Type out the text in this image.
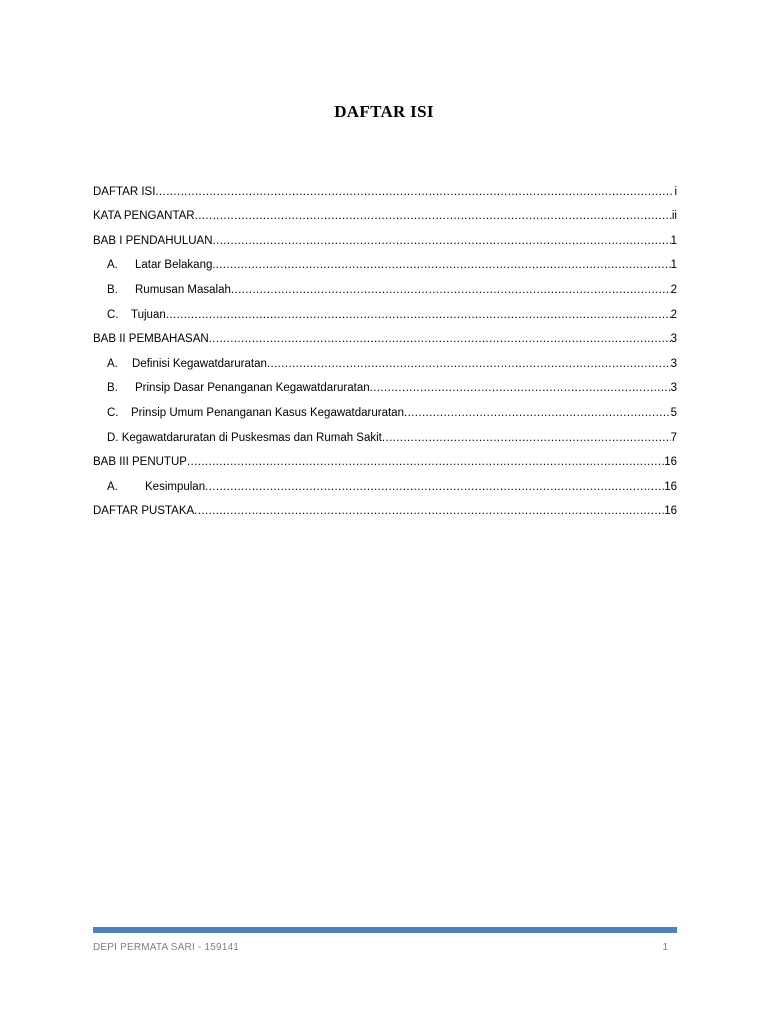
DAFTAR ISI
DAFTAR ISI .....	i
KATA PENGANTAR .....	ii
BAB I PENDAHULUAN .....	1
A. Latar Belakang. .....	1
B. Rumusan Masalah .....	2
C. Tujuan .....	2
BAB II PEMBAHASAN .....	3
A. Definisi Kegawatdaruratan .....	3
B. Prinsip Dasar Penanganan Kegawatdaruratan .....	3
C. Prinsip Umum Penanganan Kasus Kegawatdaruratan .....	5
D. Kegawatdaruratan di Puskesmas dan Rumah Sakit .....	7
BAB III PENUTUP .....	16
A. Kesimpulan .....	16
DAFTAR PUSTAKA .....	16
DEPI PERMATA SARI - 159141	1
